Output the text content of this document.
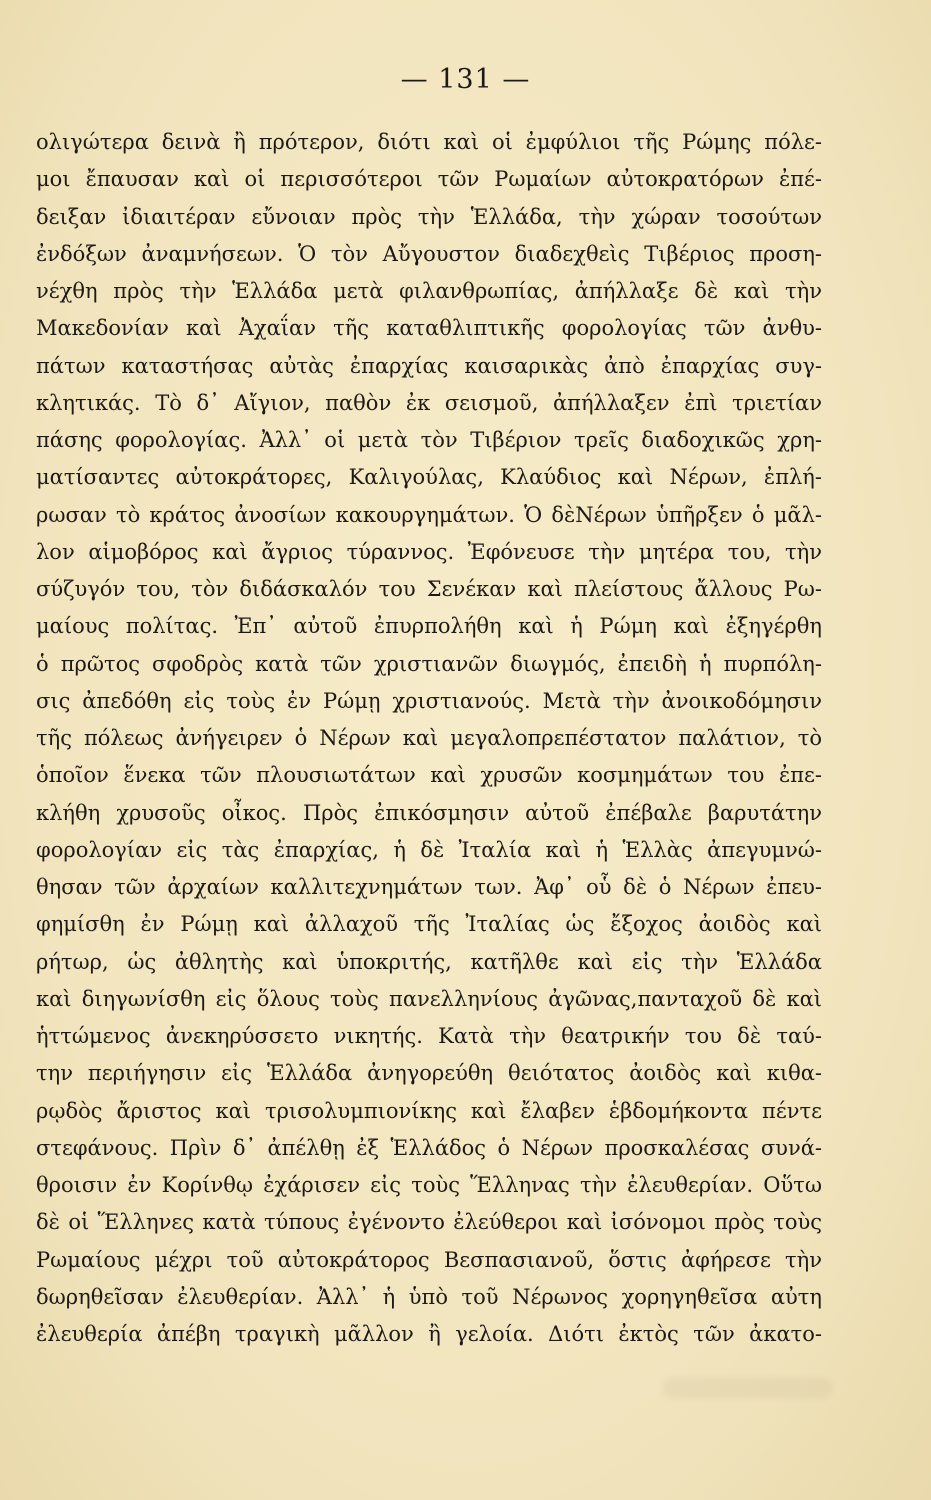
— 131 —
ολιγώτερα δεινὰ ἢ πρότερον, διότι καὶ οἱ ἐμφύλιοι τῆς Ρώμης πόλε-
μοι ἔπαυσαν καὶ οἱ περισσότεροι τῶν Ρωμαίων αὐτοκρατόρων ἐπέ-
δειξαν ἰδιαιτέραν εὔνοιαν πρὸς τὴν Ἑλλάδα, τὴν χώραν τοσούτων
ἐνδόξων ἀναμνήσεων. Ὁ τὸν Αὔγουστον διαδεχθεὶς Τιβέριος προση-
νέχθη πρὸς τὴν Ἑλλάδα μετὰ φιλανθρωπίας, ἀπήλλαξε δὲ καὶ τὴν
Μακεδονίαν καὶ Ἀχαΐαν τῆς καταθλιπτικῆς φορολογίας τῶν ἀνθυ-
πάτων καταστήσας αὐτὰς ἐπαρχίας καισαρικὰς ἀπὸ ἐπαρχίας συγ-
κλητικάς. Τὸ δ᾽ Αἴγιον, παθὸν ἐκ σεισμοῦ, ἀπήλλαξεν ἐπὶ τριετίαν
πάσης φορολογίας. Ἀλλ᾽ οἱ μετὰ τὸν Τιβέριον τρεῖς διαδοχικῶς χρη-
ματίσαντες αὐτοκράτορες, Καλιγούλας, Κλαύδιος καὶ Νέρων, ἐπλή-
ρωσαν τὸ κράτος ἀνοσίων κακουργημάτων. Ὁ δὲΝέρων ὑπῆρξεν ὁ μᾶλ-
λον αἱμοβόρος καὶ ἄγριος τύραννος. Ἐφόνευσε τὴν μητέρα του, τὴν
σύζυγόν του, τὸν διδάσκαλόν του Σενέκαν καὶ πλείστους ἄλλους Ρω-
μαίους πολίτας. Ἐπ᾽ αὐτοῦ ἐπυρπολήθη καὶ ἡ Ρώμη καὶ ἐξηγέρθη
ὁ πρῶτος σφοδρὸς κατὰ τῶν χριστιανῶν διωγμός, ἐπειδὴ ἡ πυρπόλη-
σις ἀπεδόθη εἰς τοὺς ἐν Ρώμῃ χριστιανούς. Μετὰ τὴν ἀνοικοδόμησιν
τῆς πόλεως ἀνήγειρεν ὁ Νέρων καὶ μεγαλοπρεπέστατον παλάτιον, τὸ
ὁποῖον ἕνεκα τῶν πλουσιωτάτων καὶ χρυσῶν κοσμημάτων του ἐπε-
κλήθη χρυσοῦς οἶκος. Πρὸς ἐπικόσμησιν αὐτοῦ ἐπέβαλε βαρυτάτην
φορολογίαν εἰς τὰς ἐπαρχίας, ἡ δὲ Ἰταλία καὶ ἡ Ἑλλὰς ἀπεγυμνώ-
θησαν τῶν ἀρχαίων καλλιτεχνημάτων των. Ἀφ᾽ οὗ δὲ ὁ Νέρων ἐπευ-
φημίσθη ἐν Ρώμῃ καὶ ἀλλαχοῦ τῆς Ἰταλίας ὡς ἔξοχος ἀοιδὸς καὶ
ρήτωρ, ὡς ἀθλητὴς καὶ ὑποκριτής, κατῆλθε καὶ εἰς τὴν Ἑλλάδα
καὶ διηγωνίσθη εἰς ὅλους τοὺς πανελληνίους ἀγῶνας,πανταχοῦ δὲ καὶ
ἡττώμενος ἀνεκηρύσσετο νικητής. Κατὰ τὴν θεατρικήν του δὲ ταύ-
την περιήγησιν εἰς Ἑλλάδα ἀνηγορεύθη θειότατος ἀοιδὸς καὶ κιθα-
ρῳδὸς ἄριστος καὶ τρισολυμπιονίκης καὶ ἔλαβεν ἑβδομήκοντα πέντε
στεφάνους. Πρὶν δ᾽ ἀπέλθῃ ἐξ Ἑλλάδος ὁ Νέρων προσκαλέσας συνά-
θροισιν ἐν Κορίνθῳ ἐχάρισεν εἰς τοὺς Ἕλληνας τὴν ἐλευθερίαν. Οὕτω
δὲ οἱ Ἕλληνες κατὰ τύπους ἐγένοντο ἐλεύθεροι καὶ ἰσόνομοι πρὸς τοὺς
Ρωμαίους μέχρι τοῦ αὐτοκράτορος Βεσπασιανοῦ, ὅστις ἀφήρεσε τὴν
δωρηθεῖσαν ἐλευθερίαν. Ἀλλ᾽ ἡ ὑπὸ τοῦ Νέρωνος χορηγηθεῖσα αὐτη
ἐλευθερία ἀπέβη τραγικὴ μᾶλλον ἢ γελοία. Διότι ἐκτὸς τῶν ἀκατο-
